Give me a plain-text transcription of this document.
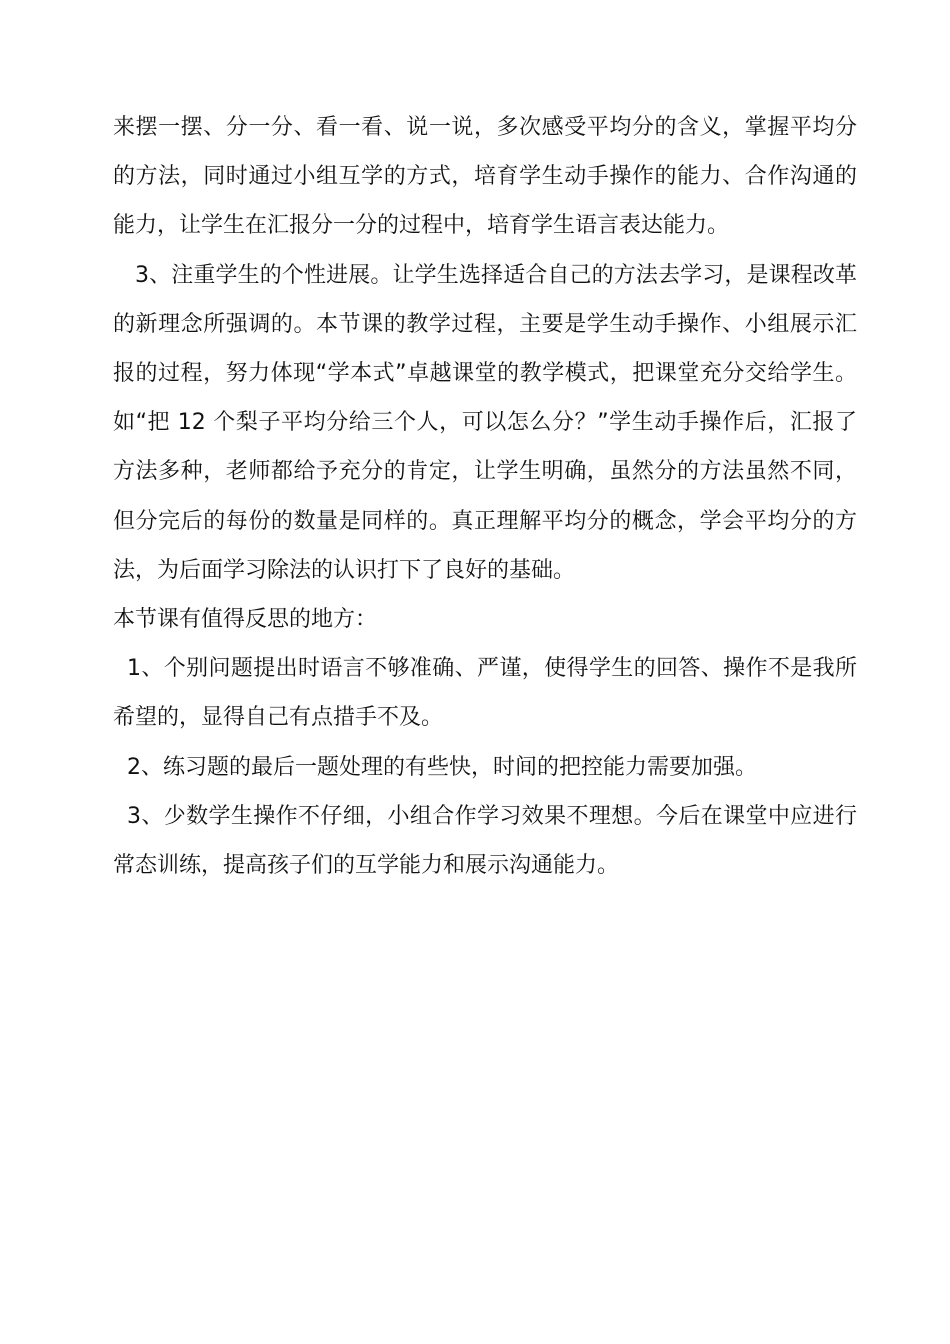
来摆一摆、分一分、看一看、说一说，多次感受平均分的含义，掌握平均分的方法，同时通过小组互学的方式，培育学生动手操作的能力、合作沟通的能力，让学生在汇报分一分的过程中，培育学生语言表达能力。

3、注重学生的个性进展。让学生选择适合自己的方法去学习，是课程改革的新理念所强调的。本节课的教学过程，主要是学生动手操作、小组展示汇报的过程，努力体现“学本式”卓越课堂的教学模式，把课堂充分交给学生。如“把 12 个梨子平均分给三个人，可以怎么分？”学生动手操作后，汇报了方法多种，老师都给予充分的肯定，让学生明确，虽然分的方法虽然不同，但分完后的每份的数量是同样的。真正理解平均分的概念，学会平均分的方法，为后面学习除法的认识打下了良好的基础。

本节课有值得反思的地方：

1、个别问题提出时语言不够准确、严谨，使得学生的回答、操作不是我所希望的，显得自己有点措手不及。

2、练习题的最后一题处理的有些快，时间的把控能力需要加强。

3、少数学生操作不仔细，小组合作学习效果不理想。今后在课堂中应进行常态训练，提高孩子们的互学能力和展示沟通能力。
